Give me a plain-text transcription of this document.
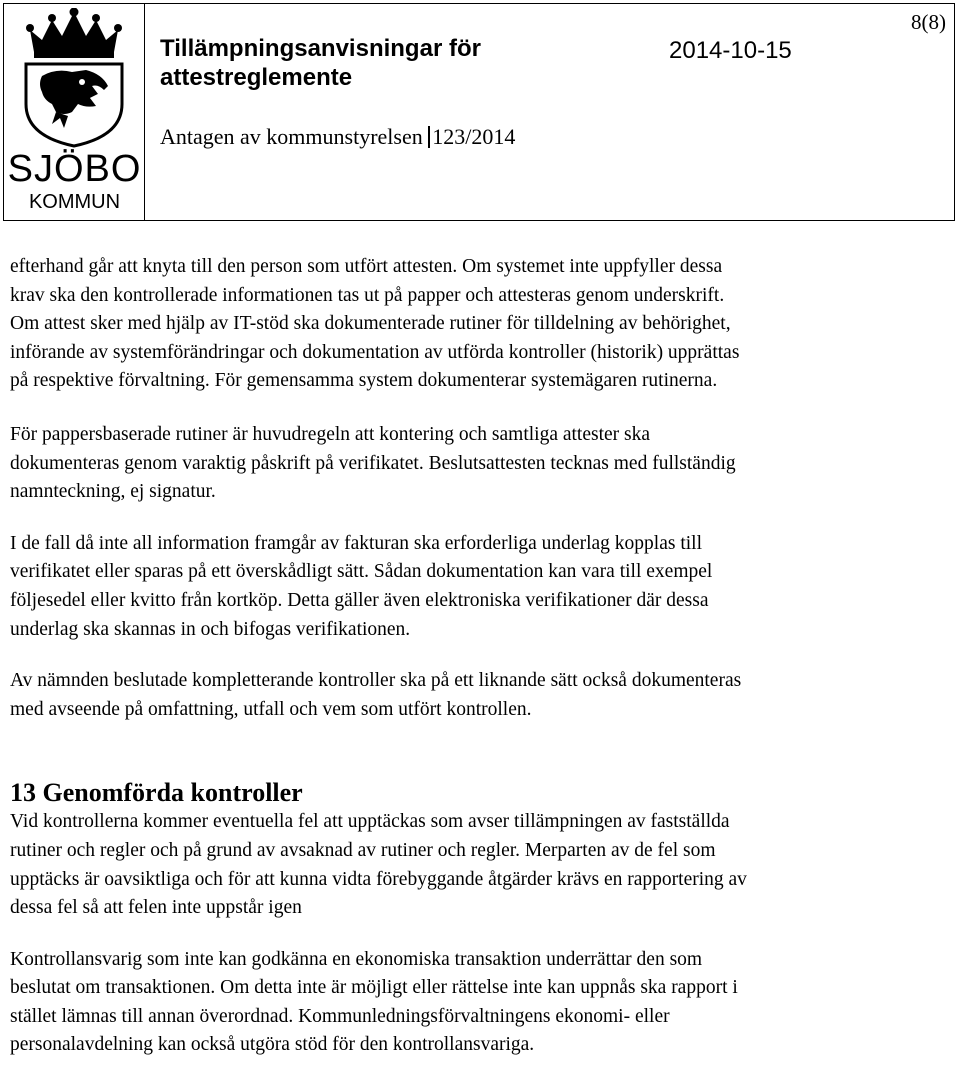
SJÖBO
KOMMUN
Tillämpningsanvisningar för
attestreglemente
2014-10-15
8(8)
Antagen av kommunstyrelsen 123/2014

efterhand går att knyta till den person som utfört attesten. Om systemet inte uppfyller dessa
krav ska den kontrollerade informationen tas ut på papper och attesteras genom underskrift.
Om attest sker med hjälp av IT-stöd ska dokumenterade rutiner för tilldelning av behörighet,
införande av systemförändringar och dokumentation av utförda kontroller (historik) upprättas
på respektive förvaltning. För gemensamma system dokumenterar systemägaren rutinerna.

För pappersbaserade rutiner är huvudregeln att kontering och samtliga attester ska
dokumenteras genom varaktig påskrift på verifikatet. Beslutsattesten tecknas med fullständig
namnteckning, ej signatur.

I de fall då inte all information framgår av fakturan ska erforderliga underlag kopplas till
verifikatet eller sparas på ett överskådligt sätt. Sådan dokumentation kan vara till exempel
följesedel eller kvitto från kortköp. Detta gäller även elektroniska verifikationer där dessa
underlag ska skannas in och bifogas verifikationen.

Av nämnden beslutade kompletterande kontroller ska på ett liknande sätt också dokumenteras
med avseende på omfattning, utfall och vem som utfört kontrollen.

13 Genomförda kontroller

Vid kontrollerna kommer eventuella fel att upptäckas som avser tillämpningen av fastställda
rutiner och regler och på grund av avsaknad av rutiner och regler. Merparten av de fel som
upptäcks är oavsiktliga och för att kunna vidta förebyggande åtgärder krävs en rapportering av
dessa fel så att felen inte uppstår igen

Kontrollansvarig som inte kan godkänna en ekonomiska transaktion underrättar den som
beslutat om transaktionen. Om detta inte är möjligt eller rättelse inte kan uppnås ska rapport i
stället lämnas till annan överordnad. Kommunledningsförvaltningens ekonomi- eller
personalavdelning kan också utgöra stöd för den kontrollansvariga.
